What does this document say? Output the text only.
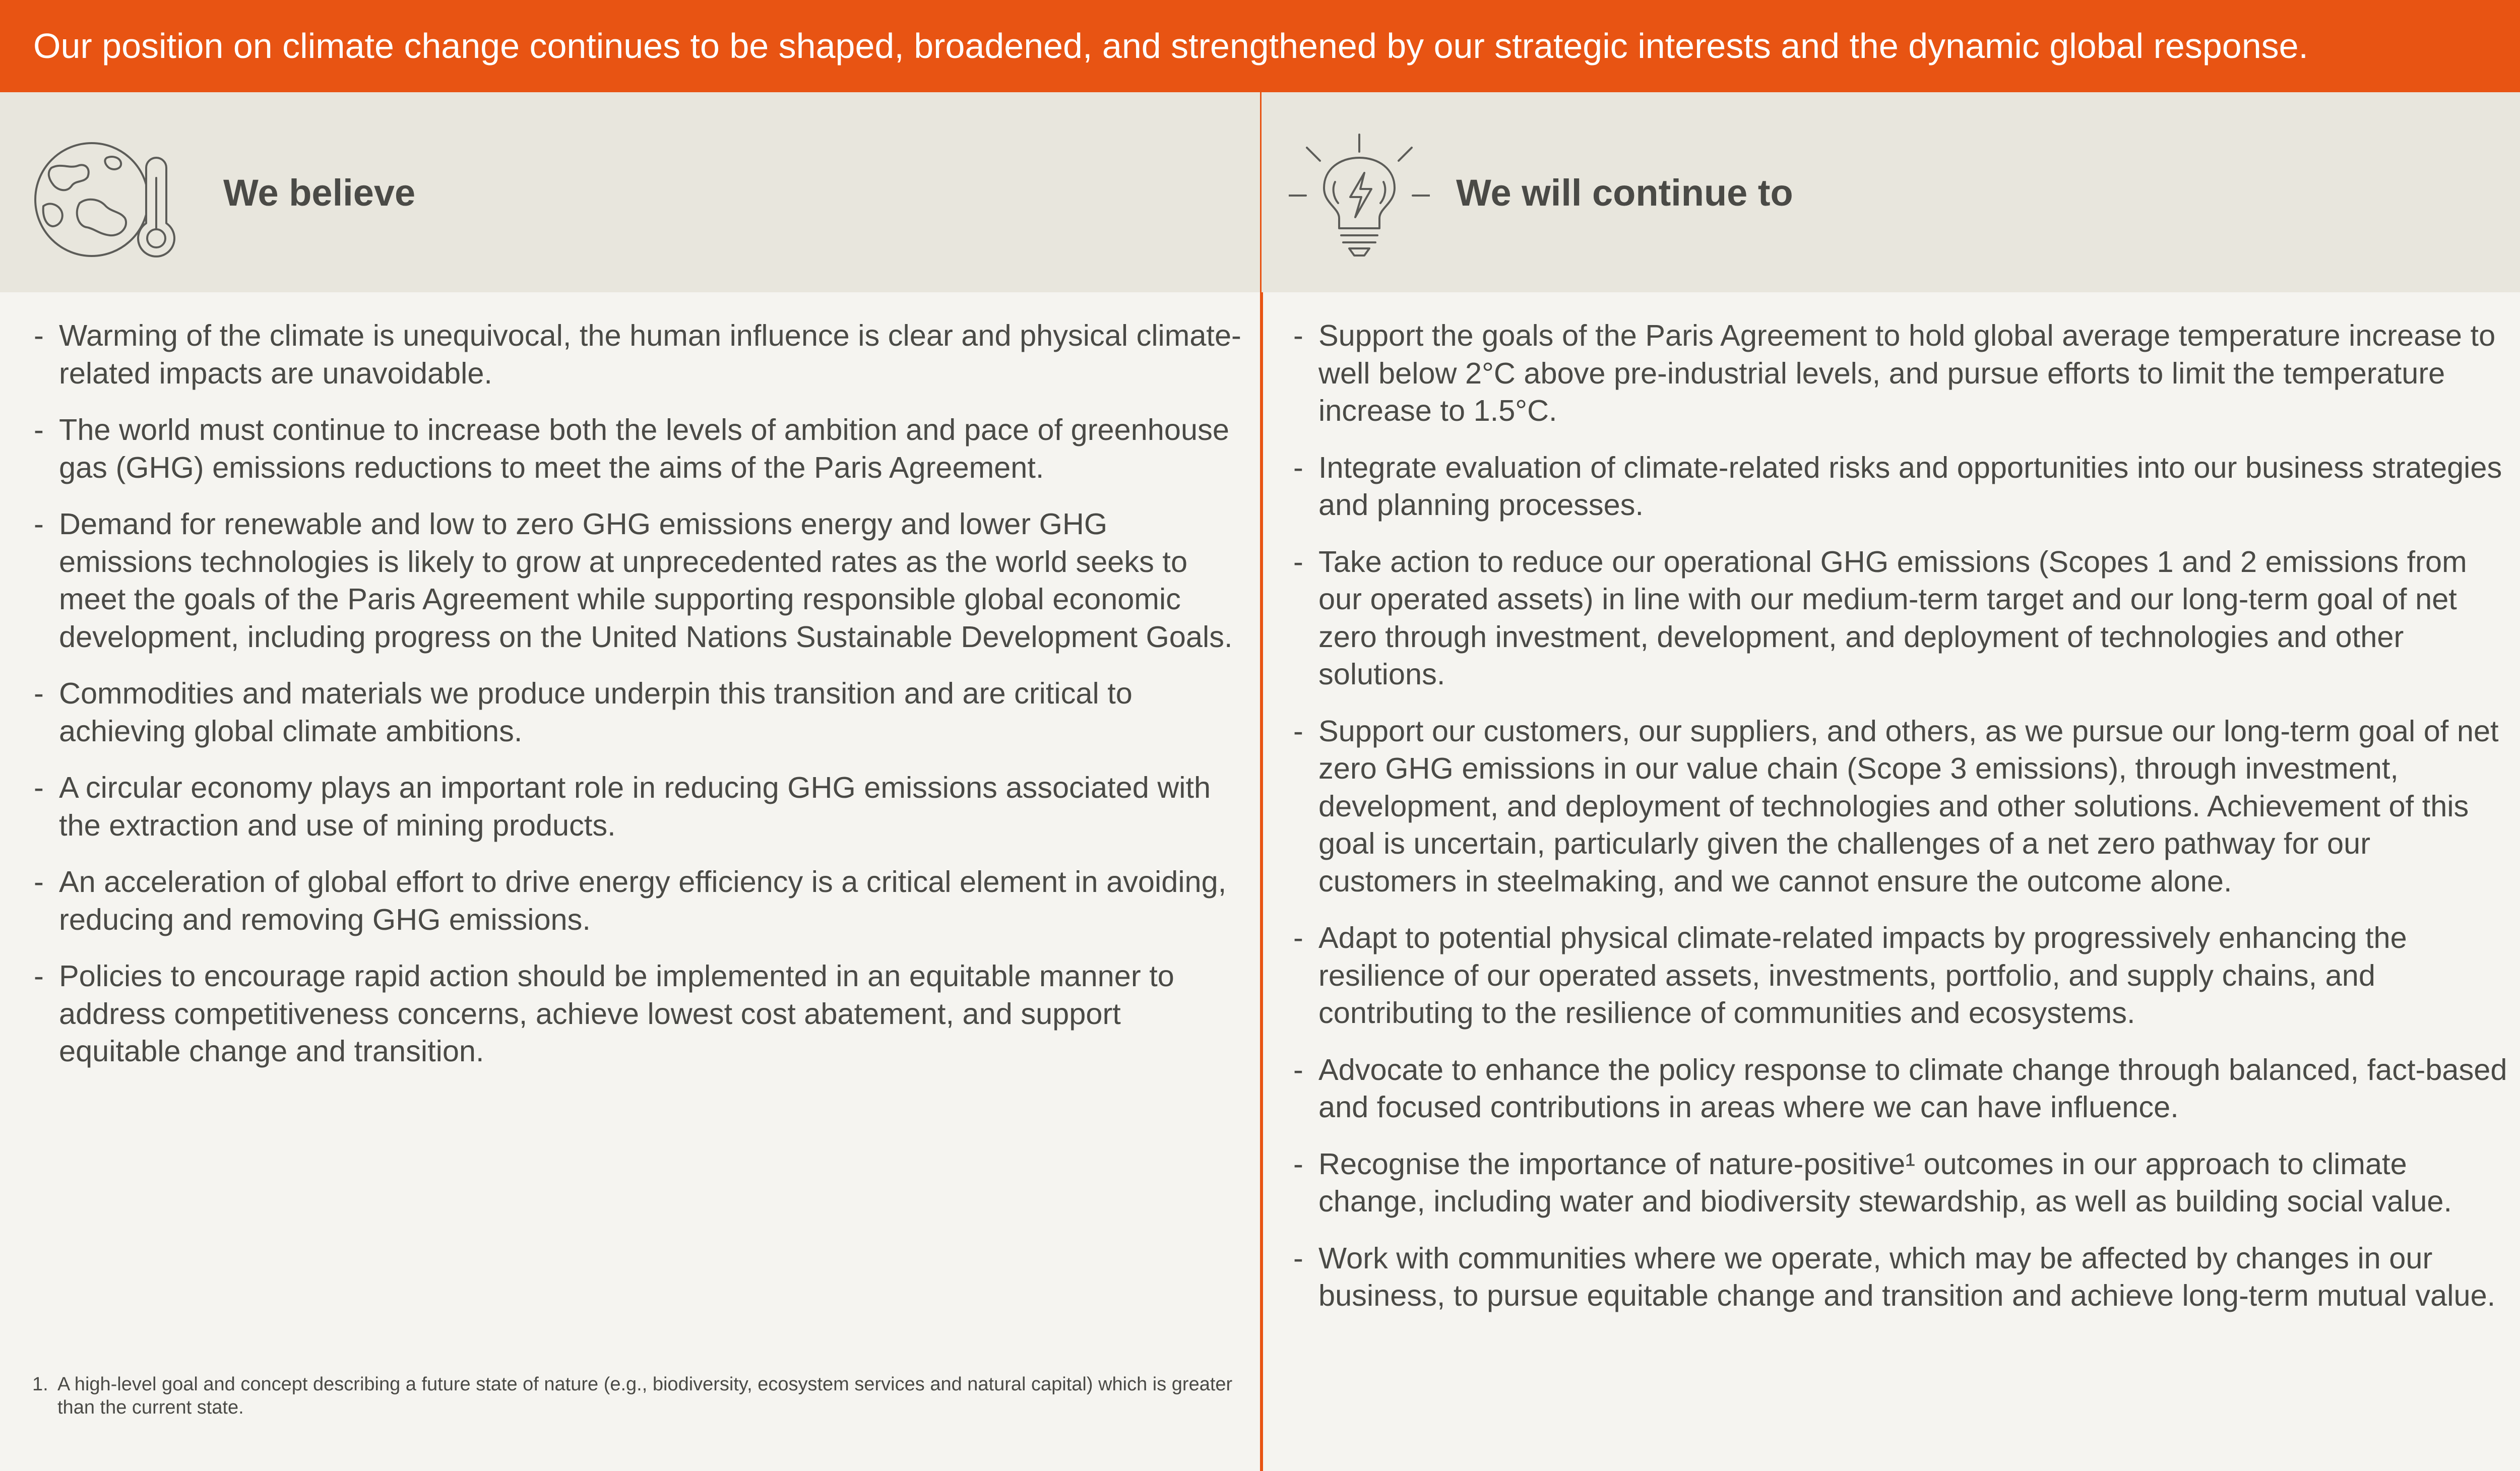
Our position on climate change continues to be shaped, broadened, and strengthened by our strategic interests and the dynamic global response.
We believe
- Warming of the climate is unequivocal, the human influence is clear and physical climate-related impacts are unavoidable.
- The world must continue to increase both the levels of ambition and pace of greenhouse gas (GHG) emissions reductions to meet the aims of the Paris Agreement.
- Demand for renewable and low to zero GHG emissions energy and lower GHG emissions technologies is likely to grow at unprecedented rates as the world seeks to meet the goals of the Paris Agreement while supporting responsible global economic development, including progress on the United Nations Sustainable Development Goals.
- Commodities and materials we produce underpin this transition and are critical to achieving global climate ambitions.
- A circular economy plays an important role in reducing GHG emissions associated with the extraction and use of mining products.
- An acceleration of global effort to drive energy efficiency is a critical element in avoiding, reducing and removing GHG emissions.
- Policies to encourage rapid action should be implemented in an equitable manner to address competitiveness concerns, achieve lowest cost abatement, and support equitable change and transition.
1. A high-level goal and concept describing a future state of nature (e.g., biodiversity, ecosystem services and natural capital) which is greater than the current state.
We will continue to
- Support the goals of the Paris Agreement to hold global average temperature increase to well below 2°C above pre-industrial levels, and pursue efforts to limit the temperature increase to 1.5°C.
- Integrate evaluation of climate-related risks and opportunities into our business strategies and planning processes.
- Take action to reduce our operational GHG emissions (Scopes 1 and 2 emissions from our operated assets) in line with our medium-term target and our long-term goal of net zero through investment, development, and deployment of technologies and other solutions.
- Support our customers, our suppliers, and others, as we pursue our long-term goal of net zero GHG emissions in our value chain (Scope 3 emissions), through investment, development, and deployment of technologies and other solutions. Achievement of this goal is uncertain, particularly given the challenges of a net zero pathway for our customers in steelmaking, and we cannot ensure the outcome alone.
- Adapt to potential physical climate-related impacts by progressively enhancing the resilience of our operated assets, investments, portfolio, and supply chains, and contributing to the resilience of communities and ecosystems.
- Advocate to enhance the policy response to climate change through balanced, fact-based and focused contributions in areas where we can have influence.
- Recognise the importance of nature-positive¹ outcomes in our approach to climate change, including water and biodiversity stewardship, as well as building social value.
- Work with communities where we operate, which may be affected by changes in our business, to pursue equitable change and transition and achieve long-term mutual value.
